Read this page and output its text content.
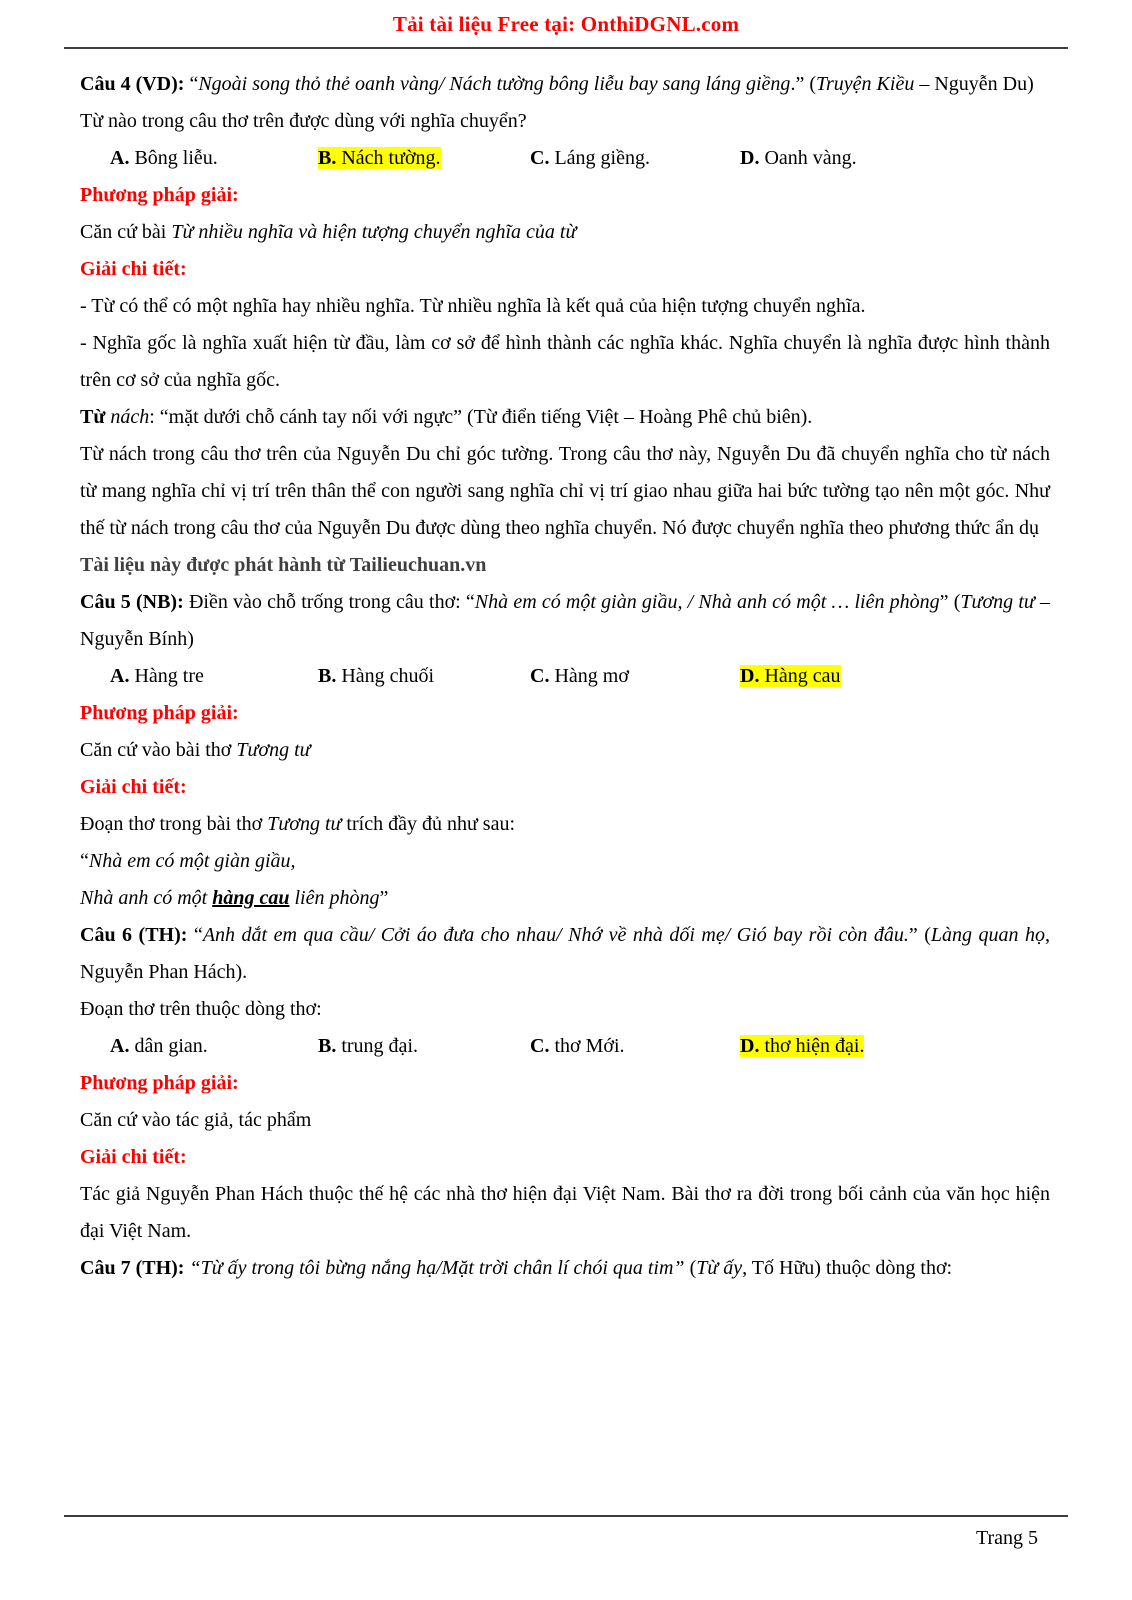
Tải tài liệu Free tại: OnthiDGNL.com

Câu 4 (VD): “Ngoài song thỏ thẻ oanh vàng/ Nách tường bông liễu bay sang láng giềng.” (Truyện Kiều – Nguyễn Du)

Từ nào trong câu thơ trên được dùng với nghĩa chuyển?

A. Bông liễu.	B. Nách tường.	C. Láng giềng.	D. Oanh vàng.

Phương pháp giải:

Căn cứ bài Từ nhiều nghĩa và hiện tượng chuyển nghĩa của từ

Giải chi tiết:

- Từ có thể có một nghĩa hay nhiều nghĩa. Từ nhiều nghĩa là kết quả của hiện tượng chuyển nghĩa.

- Nghĩa gốc là nghĩa xuất hiện từ đầu, làm cơ sở để hình thành các nghĩa khác. Nghĩa chuyển là nghĩa được hình thành trên cơ sở của nghĩa gốc.

Từ nách: “mặt dưới chỗ cánh tay nối với ngực” (Từ điển tiếng Việt – Hoàng Phê chủ biên).

Từ nách trong câu thơ trên của Nguyễn Du chỉ góc tường. Trong câu thơ này, Nguyễn Du đã chuyển nghĩa cho từ nách từ mang nghĩa chỉ vị trí trên thân thể con người sang nghĩa chỉ vị trí giao nhau giữa hai bức tường tạo nên một góc. Như thế từ nách trong câu thơ của Nguyễn Du được dùng theo nghĩa chuyển. Nó được chuyển nghĩa theo phương thức ẩn dụ

Tài liệu này được phát hành từ Tailieuchuan.vn

Câu 5 (NB): Điền vào chỗ trống trong câu thơ: “Nhà em có một giàn giầu, / Nhà anh có một … liên phòng” (Tương tư – Nguyễn Bính)

A. Hàng tre	B. Hàng chuối	C. Hàng mơ	D. Hàng cau

Phương pháp giải:

Căn cứ vào bài thơ Tương tư

Giải chi tiết:

Đoạn thơ trong bài thơ Tương tư trích đầy đủ như sau:

“Nhà em có một giàn giầu,

Nhà anh có một hàng cau liên phòng”

Câu 6 (TH): “Anh dắt em qua cầu/ Cởi áo đưa cho nhau/ Nhớ về nhà dối mẹ/ Gió bay rồi còn đâu.” (Làng quan họ, Nguyễn Phan Hách).

Đoạn thơ trên thuộc dòng thơ:

A. dân gian.	B. trung đại.	C. thơ Mới.	D. thơ hiện đại.

Phương pháp giải:

Căn cứ vào tác giả, tác phẩm

Giải chi tiết:

Tác giả Nguyễn Phan Hách thuộc thế hệ các nhà thơ hiện đại Việt Nam. Bài thơ ra đời trong bối cảnh của văn học hiện đại Việt Nam.

Câu 7 (TH): “Từ ấy trong tôi bừng nắng hạ/Mặt trời chân lí chói qua tim” (Từ ấy, Tố Hữu) thuộc dòng thơ:

Trang 5
